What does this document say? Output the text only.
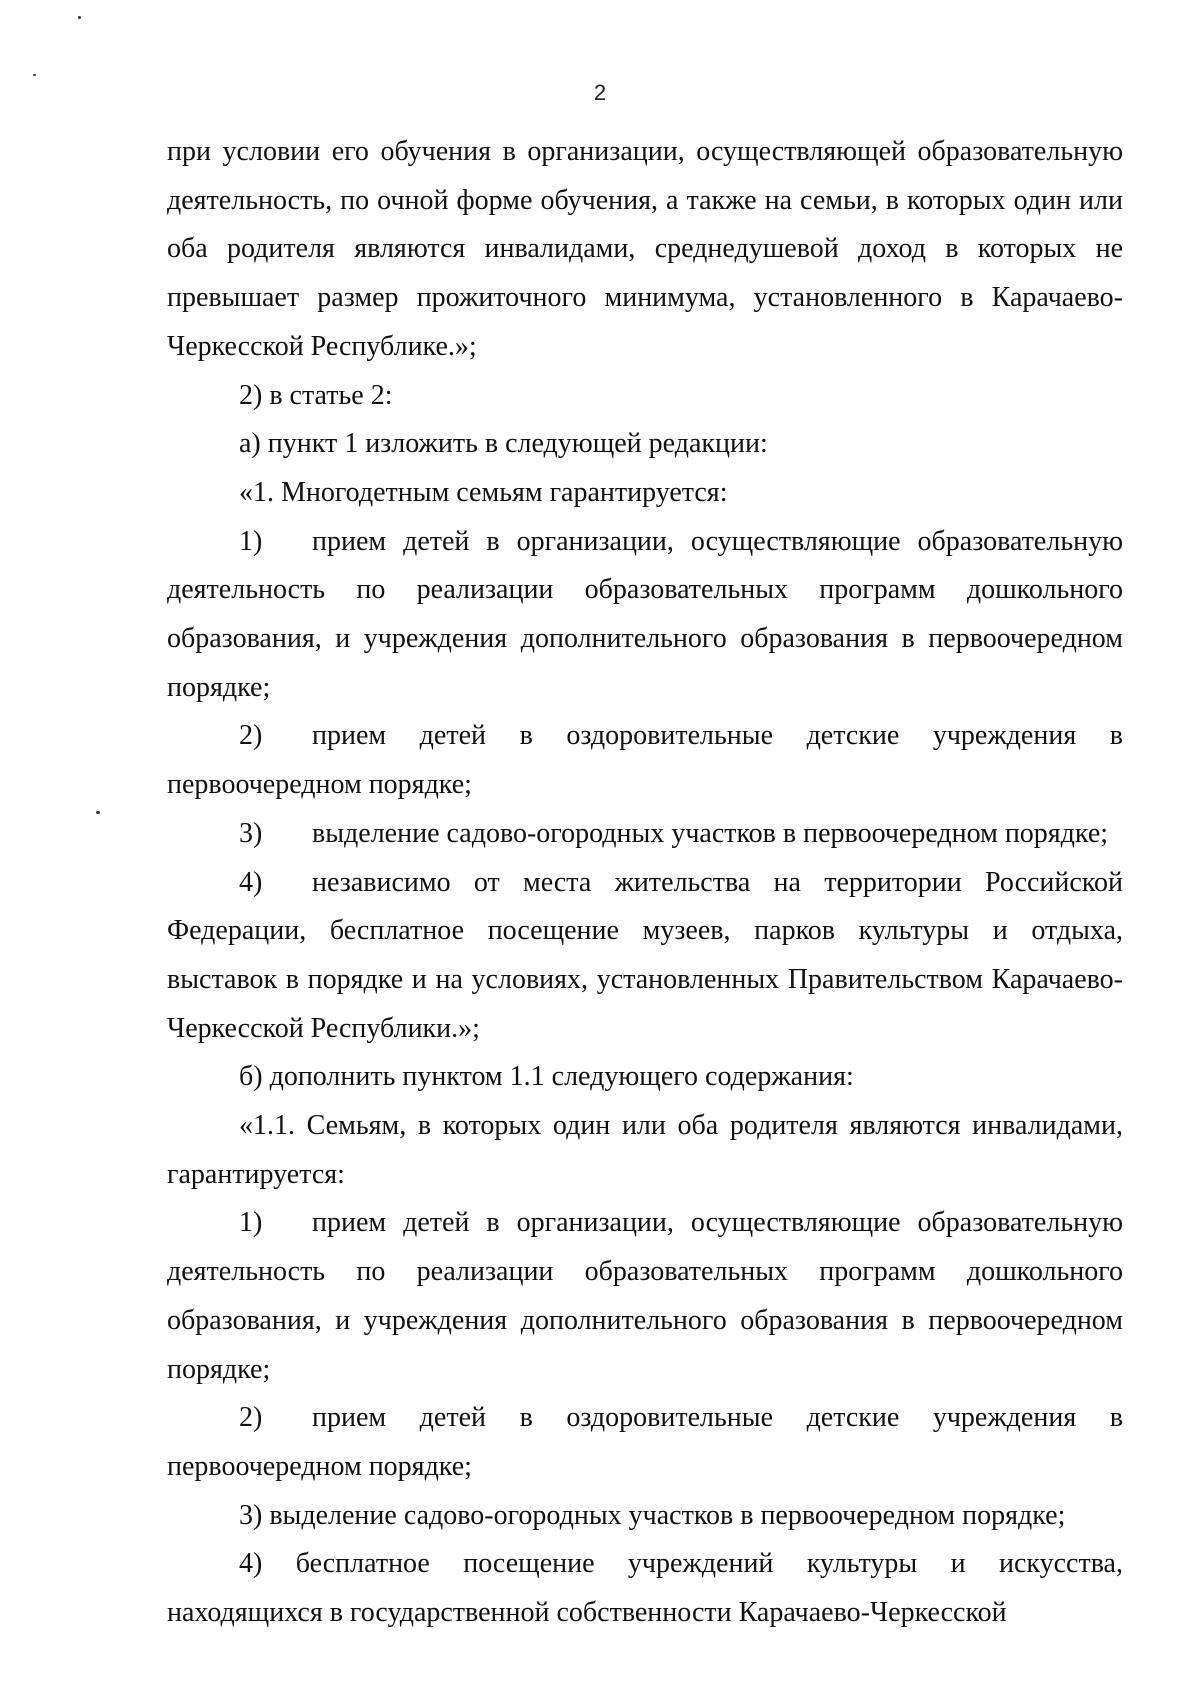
2

при условии его обучения в организации, осуществляющей образовательную деятельность, по очной форме обучения, а также на семьи, в которых один или оба родителя являются инвалидами, среднедушевой доход в которых не превышает размер прожиточного минимума, установленного в Карачаево-Черкесской Республике.»;

2) в статье 2:

а) пункт 1 изложить в следующей редакции:

«1. Многодетным семьям гарантируется:

1) прием детей в организации, осуществляющие образовательную деятельность по реализации образовательных программ дошкольного образования, и учреждения дополнительного образования в первоочередном порядке;

2) прием детей в оздоровительные детские учреждения в первоочередном порядке;

3) выделение садово-огородных участков в первоочередном порядке;

4) независимо от места жительства на территории Российской Федерации, бесплатное посещение музеев, парков культуры и отдыха, выставок в порядке и на условиях, установленных Правительством Карачаево-Черкесской Республики.»;

б) дополнить пунктом 1.1 следующего содержания:

«1.1. Семьям, в которых один или оба родителя являются инвалидами, гарантируется:

1) прием детей в организации, осуществляющие образовательную деятельность по реализации образовательных программ дошкольного образования, и учреждения дополнительного образования в первоочередном порядке;

2) прием детей в оздоровительные детские учреждения в первоочередном порядке;

3) выделение садово-огородных участков в первоочередном порядке;

4) бесплатное посещение учреждений культуры и искусства, находящихся в государственной собственности Карачаево-Черкесской
